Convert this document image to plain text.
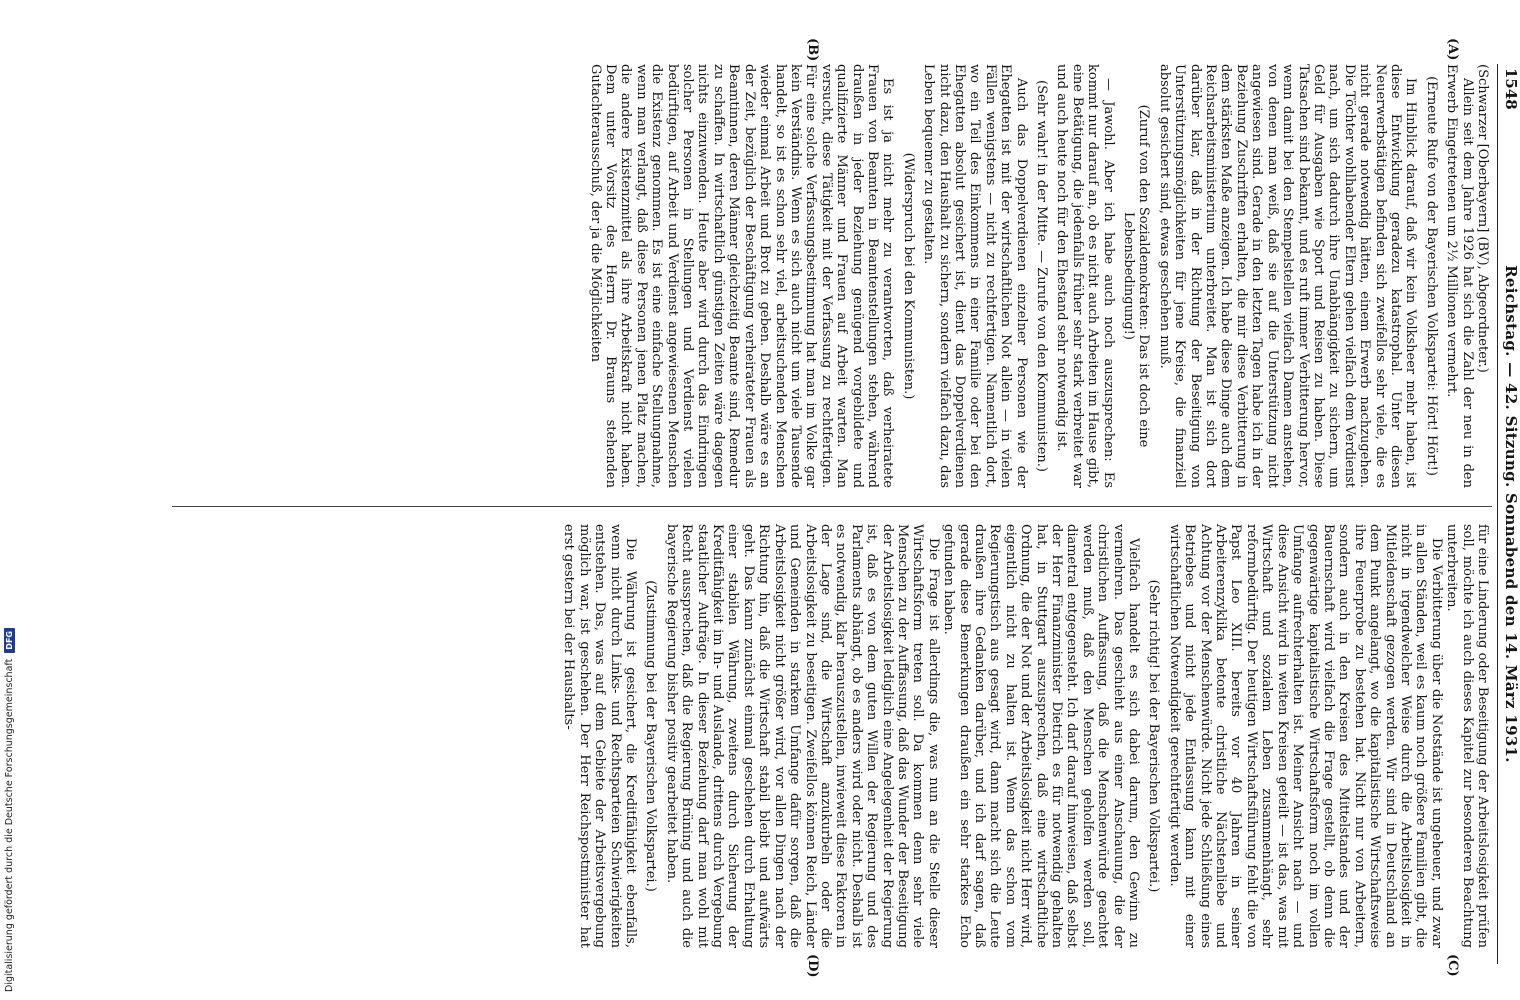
Digitalisierung gefördert durch die Deutsche Forschungsgemeinschaft
DFG
1548
Reichstag. — 42. Sitzung. Sonnabend den 14. März 1931.

(Schwarzer [Oberbayern] (BV), Abgeordneter.)

Allein seit dem Jahre 1926 hat sich die Zahl der neu in den Erwerb Eingetretenen um 2½ Millionen vermehrt.

(Erneute Rufe von der Bayerischen Volkspartei: Hört! Hört!)

Im Hinblick darauf, daß wir kein Volksheer mehr haben, ist diese Entwicklung geradezu katastrophal. Unter diesen Neuerwerbstätigen befinden sich zweifellos sehr viele, die es nicht gerade notwendig hätten, einem Erwerb nachzugehen. Die Töchter wohlhabender Eltern gehen vielfach dem Verdienst nach, um sich dadurch ihre Unabhängigkeit zu sichern, um Geld für Ausgaben wie Sport und Reisen zu haben. Diese Tatsachen sind bekannt, und es ruft immer Verbitterung hervor, wenn damit bei den Stempelstellen vielfach Damen anstehen, von denen man weiß, daß sie auf die Unterstützung nicht angewiesen sind. Gerade in den letzten Tagen habe ich in der Beziehung Zuschriften erhalten, die mir diese Verbitterung in dem stärksten Maße anzeigen. Ich habe diese Dinge auch dem Reichsarbeitsministerium unterbreitet. Man ist sich dort darüber klar, daß in der Richtung der Beseitigung von Unterstützungsmöglichkeiten für jene Kreise, die finanziell absolut gesichert sind, etwas geschehen muß.

(Zuruf von den Sozialdemokraten: Das ist doch eine Lebensbedingung!)

— Jawohl. Aber ich habe auch noch auszusprechen: Es kommt nur darauf an, ob es nicht auch Arbeiten im Hause gibt, eine Betätigung, die jedenfalls früher sehr stark verbreitet war und auch heute noch für den Ehestand sehr notwendig ist.

(Sehr wahr! in der Mitte. — Zurufe von den Kommunisten.)

Auch das Doppelverdienen einzelner Personen wie der Ehegatten ist mit der wirtschaftlichen Not allein — in vielen Fällen wenigstens — nicht zu rechtfertigen. Namentlich dort, wo ein Teil des Einkommens in einer Familie oder bei den Ehegatten absolut gesichert ist, dient das Doppelverdienen nicht dazu, den Haushalt zu sichern, sondern vielfach dazu, das Leben bequemer zu gestalten.

(Widerspruch bei den Kommunisten.)

Es ist ja nicht mehr zu verantworten, daß verheiratete Frauen von Beamten in Beamtenstellungen stehen, während draußen in jeder Beziehung genügend vorgebildete und qualifizierte Männer und Frauen auf Arbeit warten. Man versucht, diese Tätigkeit mit der Verfassung zu rechtfertigen. Für eine solche Verfassungsbestimmung hat man im Volke gar kein Verständnis. Wenn es sich auch nicht um viele Tausende handelt, so ist es schon sehr viel, arbeitsuchenden Menschen wieder einmal Arbeit und Brot zu geben. Deshalb wäre es an der Zeit, bezüglich der Beschäftigung verheirateter Frauen als Beamtinnen, deren Männer gleichzeitig Beamte sind, Remedur zu schaffen. In wirtschaftlich günstigen Zeiten wäre dagegen nichts einzuwenden. Heute aber wird durch das Eindringen solcher Personen in Stellungen und Verdienst vielen bedürftigen, auf Arbeit und Verdienst angewiesenen Menschen die Existenz genommen. Es ist eine einfache Stellungnahme, wenn man verlangt, daß diese Personen jenen Platz machen, die andere Existenzmittel als ihre Arbeitskraft nicht haben. Dem unter Vorsitz des Herrn Dr. Brauns stehenden Gutachterausschuß, der ja die Möglichkeiten

für eine Linderung oder Beseitigung der Arbeitslosigkeit prüfen soll, möchte ich auch dieses Kapitel zur besonderen Beachtung unterbreiten.

Die Verbitterung über die Notstände ist ungeheuer, und zwar in allen Ständen, weil es kaum noch größere Familien gibt, die nicht in irgendwelcher Weise durch die Arbeitslosigkeit in Mitleidenschaft gezogen werden. Wir sind in Deutschland an dem Punkt angelangt, wo die kapitalistische Wirtschaftsweise ihre Feuerprobe zu bestehen hat. Nicht nur von Arbeitern, sondern auch in den Kreisen des Mittelstandes und der Bauernschaft wird vielfach die Frage gestellt, ob denn die gegenwärtige kapitalistische Wirtschaftsform noch im vollen Umfange aufrechterhalten ist. Meiner Ansicht nach — und diese Ansicht wird in weiten Kreisen geteilt — ist das, was mit Wirtschaft und sozialem Leben zusammenhängt, sehr reformbedürftig. Der heutigen Wirtschaftsführung fehlt die von Papst Leo XIII. bereits vor 40 Jahren in seiner Arbeiterenzyklika betonte christliche Nächstenliebe und Achtung vor der Menschenwürde. Nicht jede Schließung eines Betriebes und nicht jede Entlassung kann mit einer wirtschaftlichen Notwendigkeit gerechtfertigt werden.

(Sehr richtig! bei der Bayerischen Volkspartei.)

Vielfach handelt es sich dabei darum, den Gewinn zu vermehren. Das geschieht aus einer Anschauung, die der christlichen Auffassung, daß die Menschenwürde geachtet werden muß, daß den Menschen geholfen werden soll, diametral entgegensteht. Ich darf darauf hinweisen, daß selbst der Herr Finanzminister Dietrich es für notwendig gehalten hat, in Stuttgart auszusprechen, daß eine wirtschaftliche Ordnung, die der Not und der Arbeitslosigkeit nicht Herr wird, eigentlich nicht zu halten ist. Wenn das schon vom Regierungstisch aus gesagt wird, dann macht sich die Leute draußen ihre Gedanken darüber, und ich darf sagen, daß gerade diese Bemerkungen draußen ein sehr starkes Echo gefunden haben.

Die Frage ist allerdings die, was nun an die Stelle dieser Wirtschaftsform treten soll. Da kommen denn sehr viele Menschen zu der Auffassung, daß das Wunder der Beseitigung der Arbeitslosigkeit lediglich eine Angelegenheit der Regierung ist, daß es von dem guten Willen der Regierung und des Parlaments abhängt, ob es anders wird oder nicht. Deshalb ist es notwendig, klar herauszustellen, inwieweit diese Faktoren in der Lage sind, die Wirtschaft anzukurbeln oder die Arbeitslosigkeit zu beseitigen. Zweifellos können Reich, Länder und Gemeinden in starkem Umfange dafür sorgen, daß die Arbeitslosigkeit nicht größer wird, vor allen Dingen nach der Richtung hin, daß die Wirtschaft stabil bleibt und aufwärts geht. Das kann zunächst einmal geschehen durch Erhaltung einer stabilen Währung, zweitens durch Sicherung der Kreditfähigkeit im In- und Auslande, drittens durch Vergebung staatlicher Aufträge. In dieser Beziehung darf man wohl mit Recht aussprechen, daß die Regierung Brüning und auch die bayerische Regierung bisher positiv gearbeitet haben.

(Zustimmung bei der Bayerischen Volkspartei.)

Die Währung ist gesichert, die Kreditfähigkeit ebenfalls, wenn nicht durch Links- und Rechtsparteien Schwierigkeiten entstehen. Das, was auf dem Gebiete der Arbeitsvergebung möglich war, ist geschehen. Der Herr Reichspostminister hat erst gestern bei der Haushalts-

(A)
(B)
(C)
(D)
